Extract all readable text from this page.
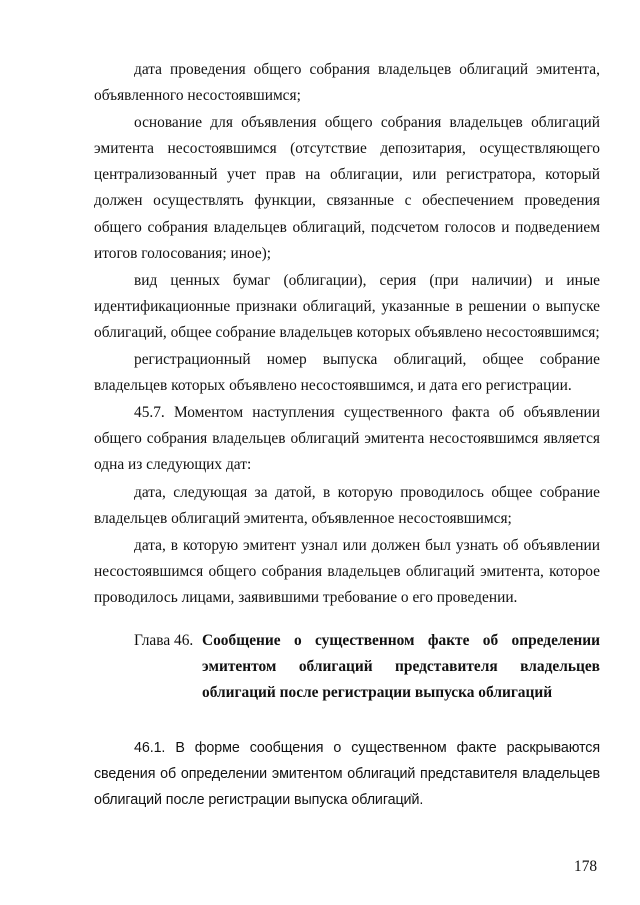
дата проведения общего собрания владельцев облигаций эмитента, объявленного несостоявшимся;

основание для объявления общего собрания владельцев облигаций эмитента несостоявшимся (отсутствие депозитария, осуществляющего централизованный учет прав на облигации, или регистратора, который должен осуществлять функции, связанные с обеспечением проведения общего собрания владельцев облигаций, подсчетом голосов и подведением итогов голосования; иное);

вид ценных бумаг (облигации), серия (при наличии) и иные идентификационные признаки облигаций, указанные в решении о выпуске облигаций, общее собрание владельцев которых объявлено несостоявшимся;

регистрационный номер выпуска облигаций, общее собрание владельцев которых объявлено несостоявшимся, и дата его регистрации.

45.7. Моментом наступления существенного факта об объявлении общего собрания владельцев облигаций эмитента несостоявшимся является одна из следующих дат:

дата, следующая за датой, в которую проводилось общее собрание владельцев облигаций эмитента, объявленное несостоявшимся;

дата, в которую эмитент узнал или должен был узнать об объявлении несостоявшимся общего собрания владельцев облигаций эмитента, которое проводилось лицами, заявившими требование о его проведении.

Глава 46. Сообщение о существенном факте об определении эмитентом облигаций представителя владельцев облигаций после регистрации выпуска облигаций

46.1. В форме сообщения о существенном факте раскрываются сведения об определении эмитентом облигаций представителя владельцев облигаций после регистрации выпуска облигаций.

178
